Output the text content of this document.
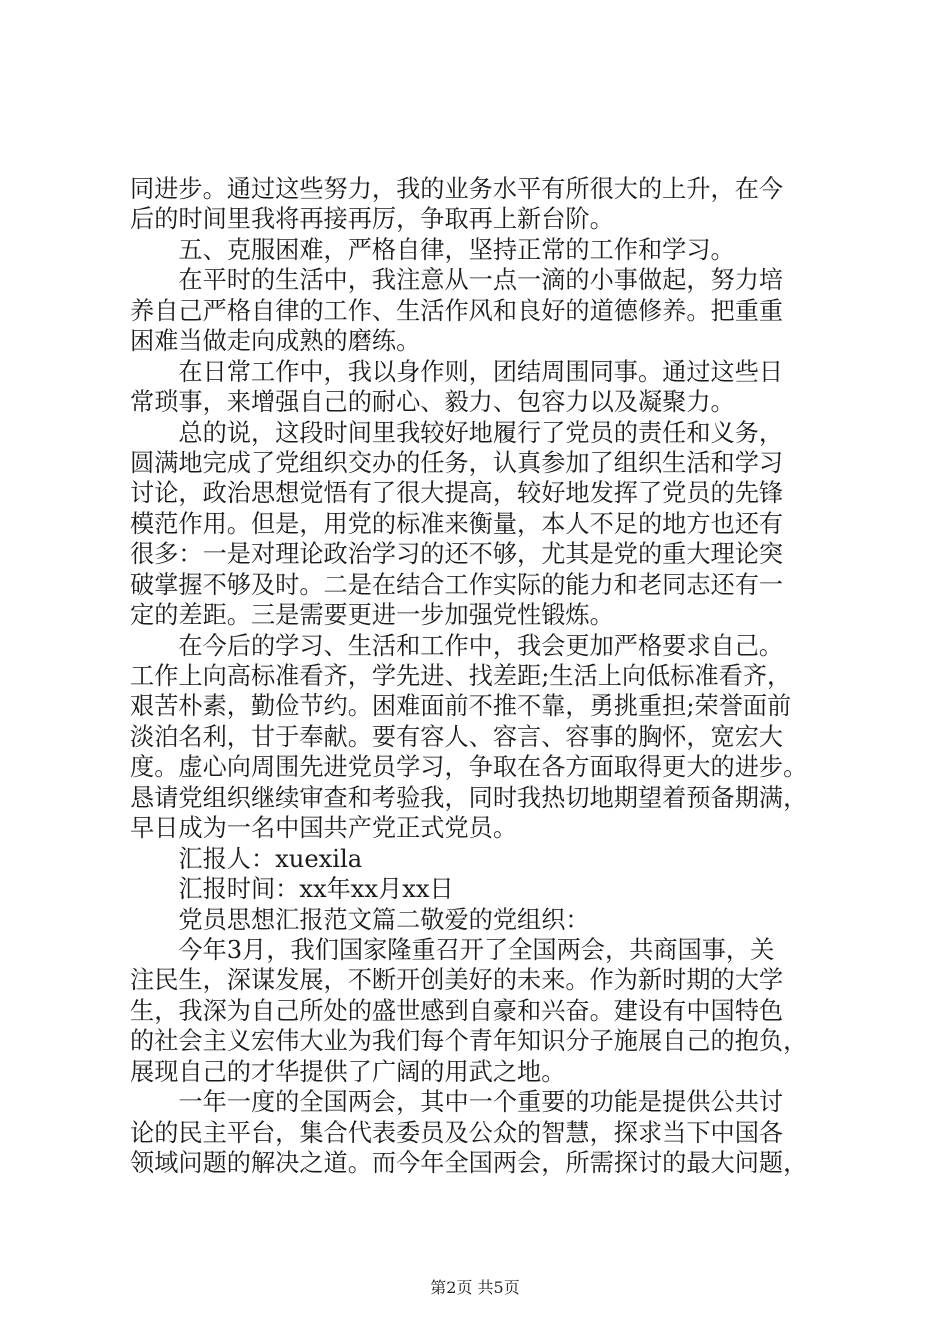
同进步。通过这些努力，我的业务水平有所很大的上升，在今
后的时间里我将再接再厉，争取再上新台阶。
　　五、克服困难，严格自律，坚持正常的工作和学习。
　　在平时的生活中，我注意从一点一滴的小事做起，努力培
养自己严格自律的工作、生活作风和良好的道德修养。把重重
困难当做走向成熟的磨练。
　　在日常工作中，我以身作则，团结周围同事。通过这些日
常琐事，来增强自己的耐心、毅力、包容力以及凝聚力。
　　总的说，这段时间里我较好地履行了党员的责任和义务，
圆满地完成了党组织交办的任务，认真参加了组织生活和学习
讨论，政治思想觉悟有了很大提高，较好地发挥了党员的先锋
模范作用。但是，用党的标准来衡量，本人不足的地方也还有
很多：一是对理论政治学习的还不够，尤其是党的重大理论突
破掌握不够及时。二是在结合工作实际的能力和老同志还有一
定的差距。三是需要更进一步加强党性锻炼。
　　在今后的学习、生活和工作中，我会更加严格要求自己。
工作上向高标准看齐，学先进、找差距;生活上向低标准看齐，
艰苦朴素，勤俭节约。困难面前不推不靠，勇挑重担;荣誉面前
淡泊名利，甘于奉献。要有容人、容言、容事的胸怀，宽宏大
度。虚心向周围先进党员学习，争取在各方面取得更大的进步。
恳请党组织继续审查和考验我，同时我热切地期望着预备期满，
早日成为一名中国共产党正式党员。
　　汇报人：xuexila
　　汇报时间：xx年xx月xx日
　　党员思想汇报范文篇二敬爱的党组织：
　　今年3月，我们国家隆重召开了全国两会，共商国事，关
注民生，深谋发展，不断开创美好的未来。作为新时期的大学
生，我深为自己所处的盛世感到自豪和兴奋。建设有中国特色
的社会主义宏伟大业为我们每个青年知识分子施展自己的抱负，
展现自己的才华提供了广阔的用武之地。
　　一年一度的全国两会，其中一个重要的功能是提供公共讨
论的民主平台，集合代表委员及公众的智慧，探求当下中国各
领域问题的解决之道。而今年全国两会，所需探讨的最大问题，
第2页 共5页
